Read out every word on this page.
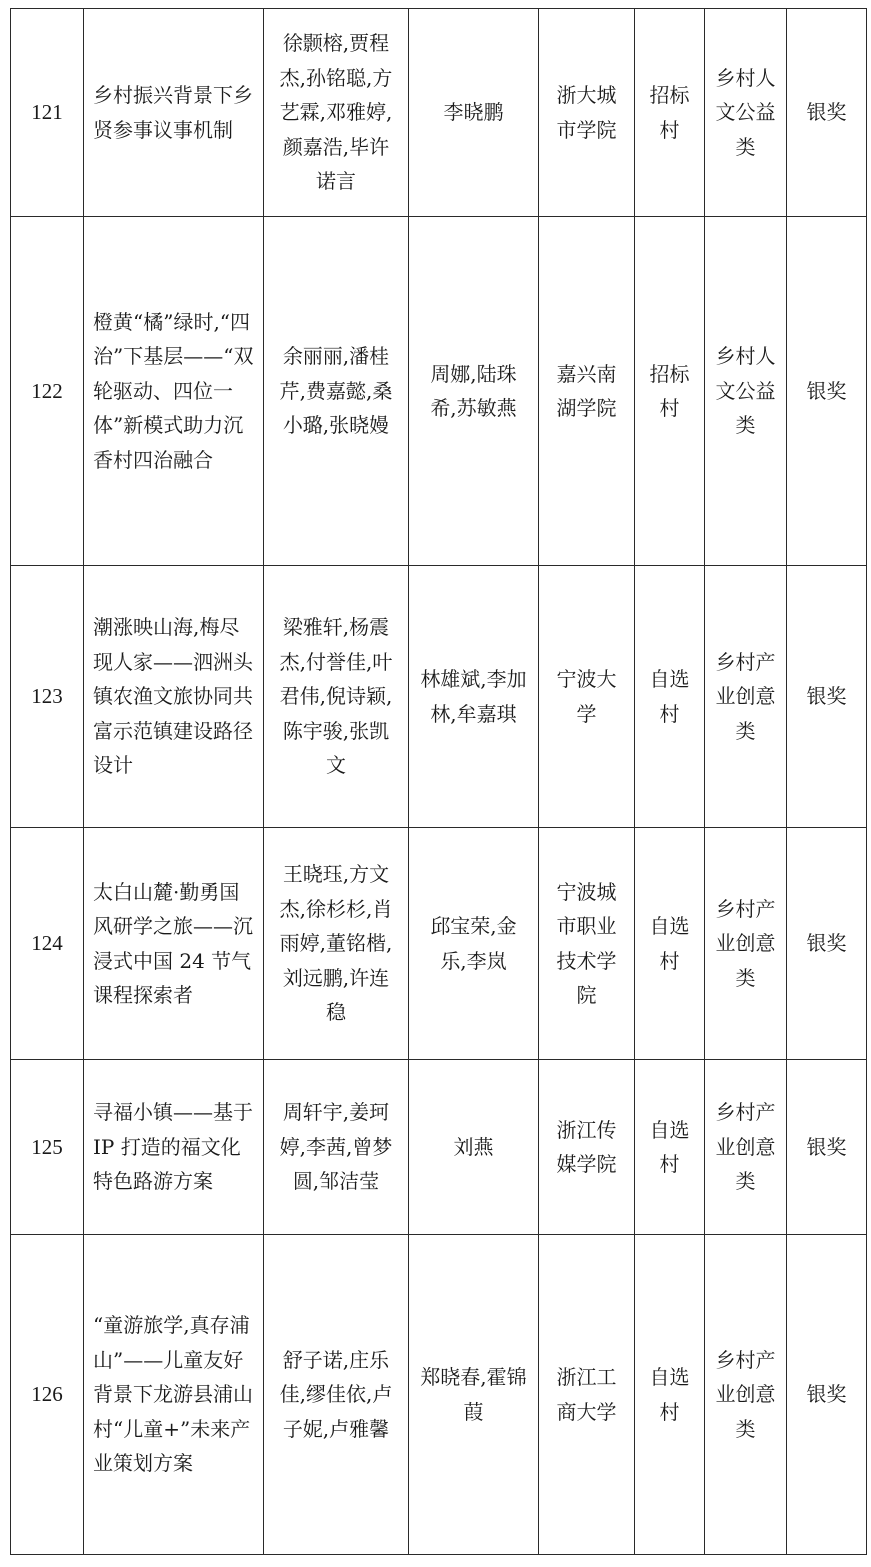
121	乡村振兴背景下乡贤参事议事机制	徐颢榕,贾程杰,孙铭聪,方艺霖,邓雅婷,颜嘉浩,毕许诺言	李晓鹏	浙大城市学院	招标村	乡村人文公益类	银奖
122	橙黄“橘”绿时,“四治”下基层——“双轮驱动、四位一体”新模式助力沉香村四治融合	余丽丽,潘桂芹,费嘉懿,桑小璐,张晓嫚	周娜,陆珠希,苏敏燕	嘉兴南湖学院	招标村	乡村人文公益类	银奖
123	潮涨映山海,梅尽现人家——泗洲头镇农渔文旅协同共富示范镇建设路径设计	梁雅轩,杨震杰,付誉佳,叶君伟,倪诗颖,陈宇骏,张凯文	林雄斌,李加林,牟嘉琪	宁波大学	自选村	乡村产业创意类	银奖
124	太白山麓·勤勇国风研学之旅——沉浸式中国 24 节气课程探索者	王晓珏,方文杰,徐杉杉,肖雨婷,董铭楷,刘远鹏,许连稳	邱宝荣,金乐,李岚	宁波城市职业技术学院	自选村	乡村产业创意类	银奖
125	寻福小镇——基于 IP 打造的福文化特色路游方案	周轩宇,姜珂婷,李茜,曾梦圆,邹洁莹	刘燕	浙江传媒学院	自选村	乡村产业创意类	银奖
126	“童游旅学,真存浦山”——儿童友好背景下龙游县浦山村“儿童+”未来产业策划方案	舒子诺,庄乐佳,缪佳依,卢子妮,卢雅馨	郑晓春,霍锦葭	浙江工商大学	自选村	乡村产业创意类	银奖
